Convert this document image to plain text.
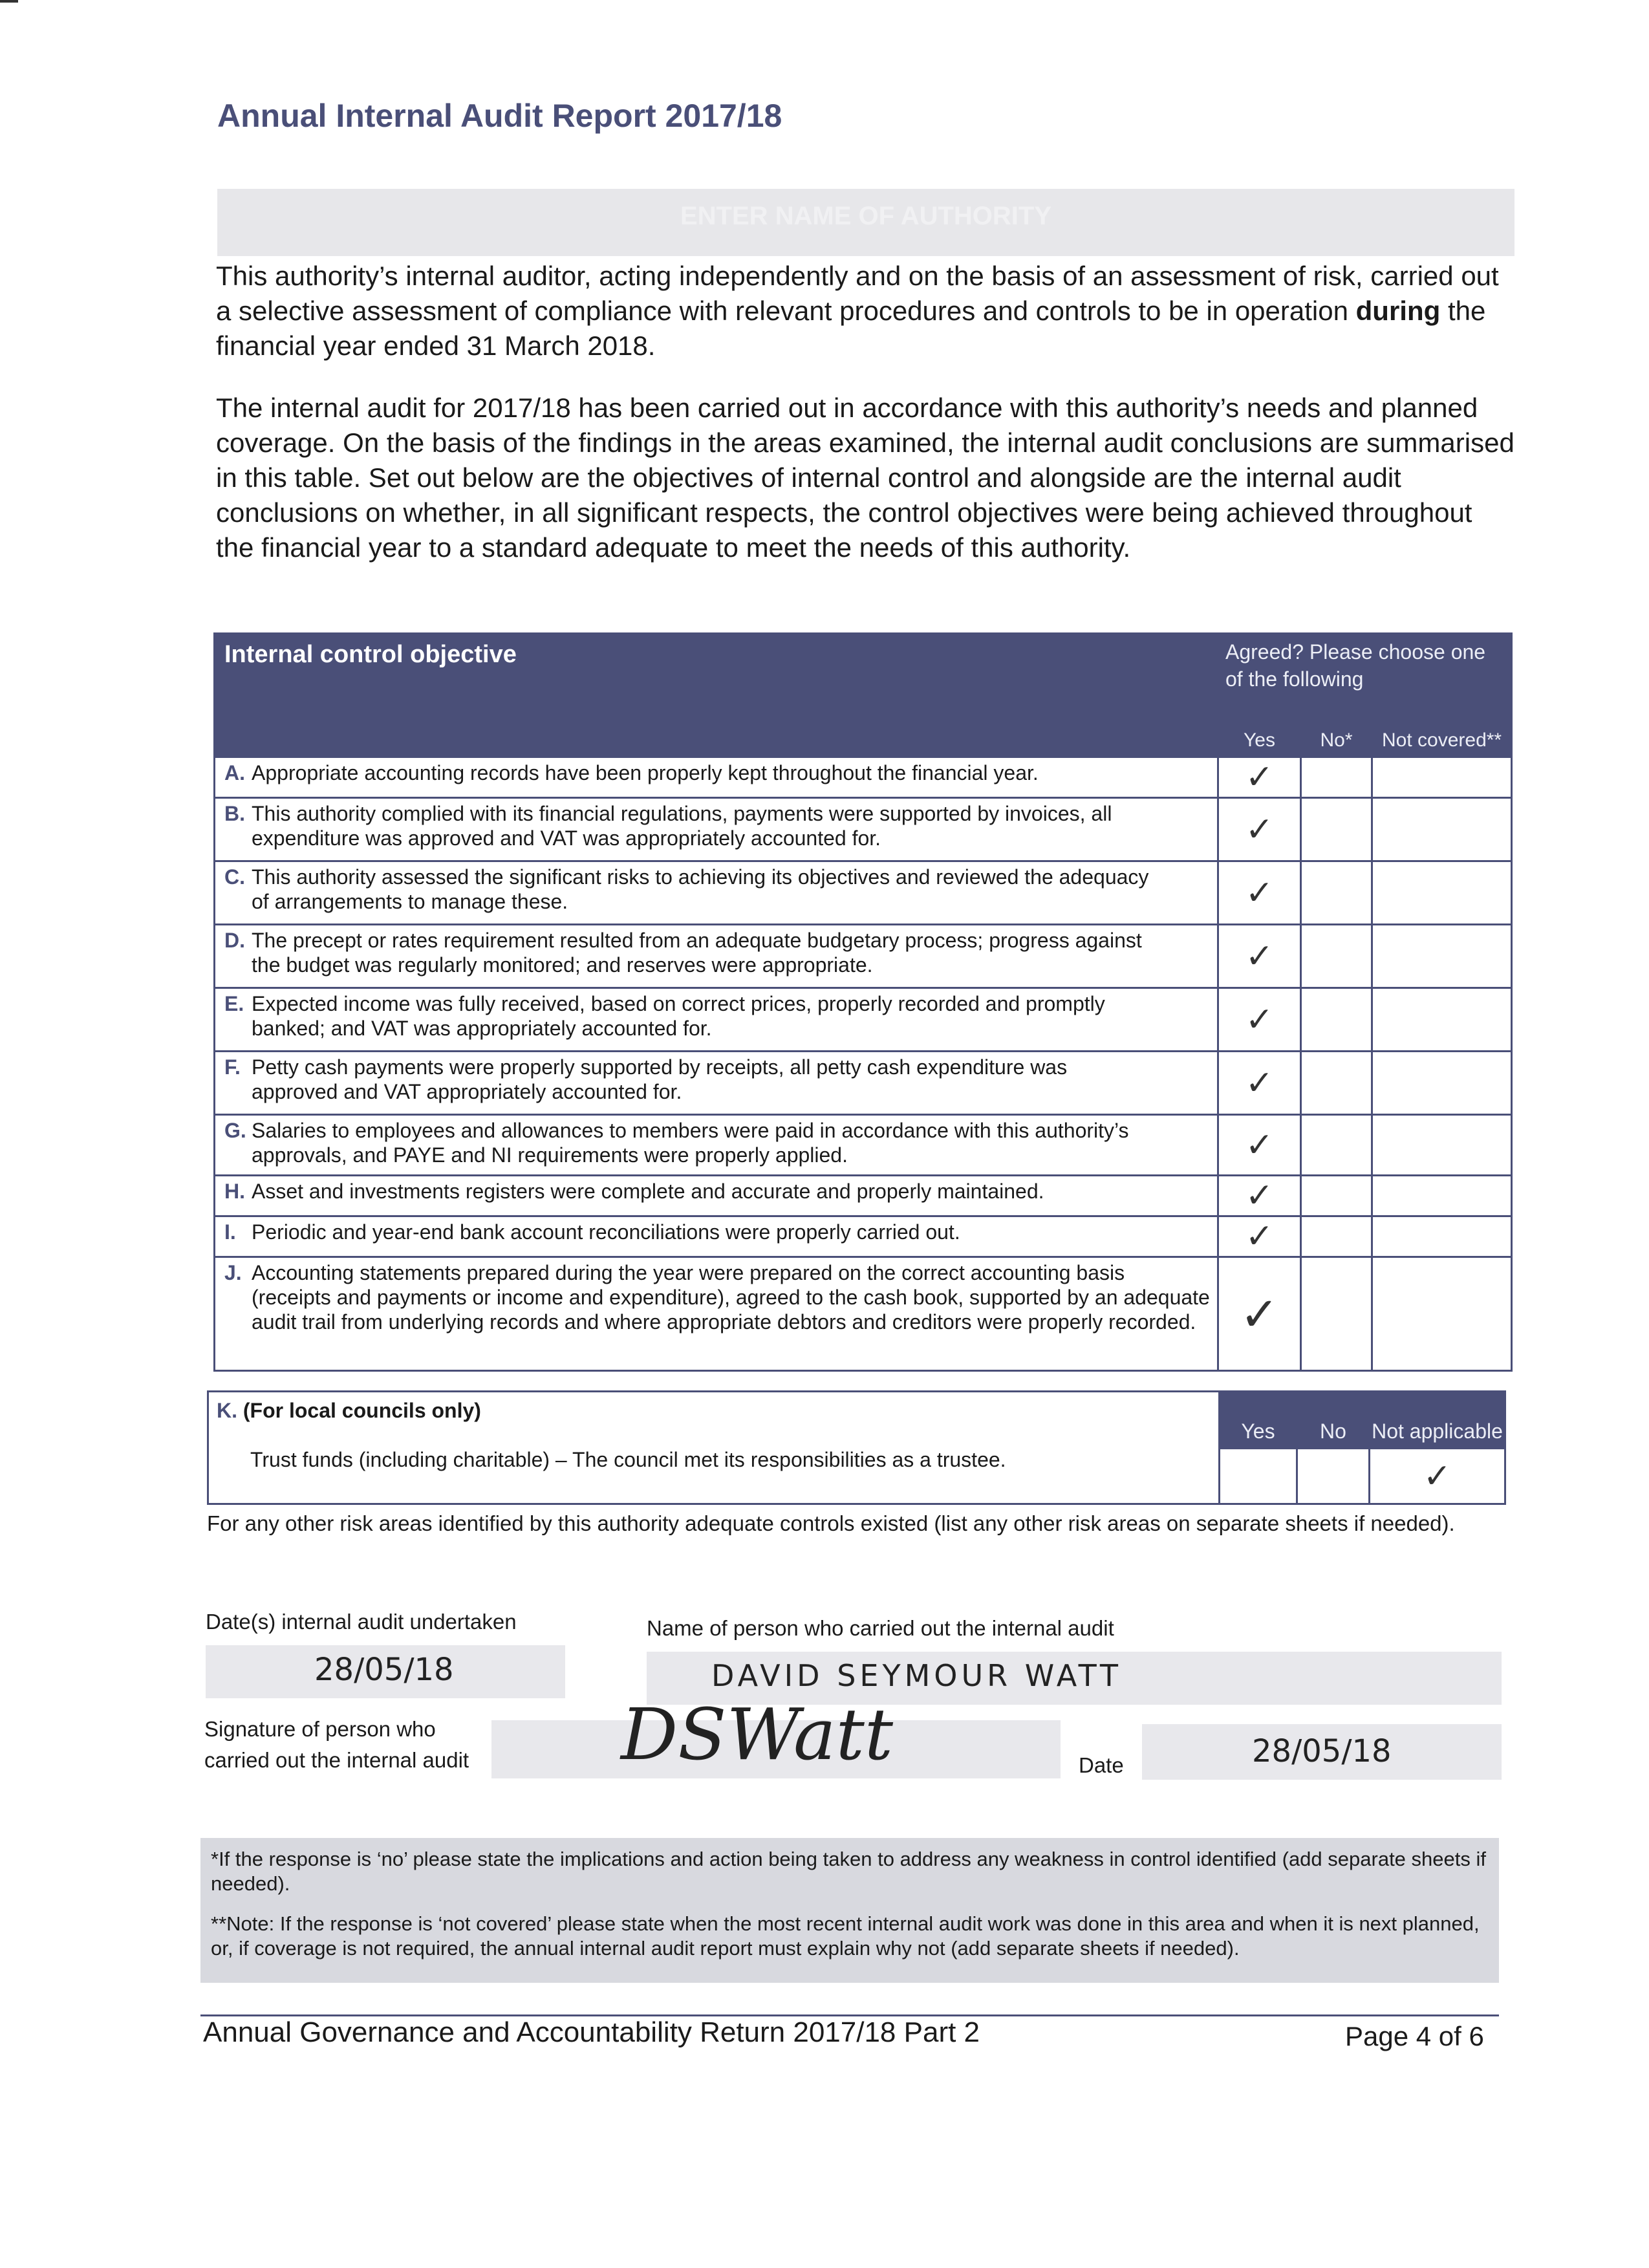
Annual Internal Audit Report 2017/18
ENTER NAME OF AUTHORITY
This authority’s internal auditor, acting independently and on the basis of an assessment of risk, carried out a selective assessment of compliance with relevant procedures and controls to be in operation during the financial year ended 31 March 2018.
The internal audit for 2017/18 has been carried out in accordance with this authority’s needs and planned coverage. On the basis of the findings in the areas examined, the internal audit conclusions are summarised in this table. Set out below are the objectives of internal control and alongside are the internal audit conclusions on whether, in all significant respects, the control objectives were being achieved throughout the financial year to a standard adequate to meet the needs of this authority.
Internal control objective	Agreed? Please choose one of the following		
	Yes	No*	Not covered**
A. Appropriate accounting records have been properly kept throughout the financial year.	✓		
B. This authority complied with its financial regulations, payments were supported by invoices, all
expenditure was approved and VAT was appropriately accounted for.	✓		
C. This authority assessed the significant risks to achieving its objectives and reviewed the adequacy
of arrangements to manage these.	✓		
D. The precept or rates requirement resulted from an adequate budgetary process; progress against
the budget was regularly monitored; and reserves were appropriate.	✓		
E. Expected income was fully received, based on correct prices, properly recorded and promptly
banked; and VAT was appropriately accounted for.	✓		
F. Petty cash payments were properly supported by receipts, all petty cash expenditure was
approved and VAT appropriately accounted for.	✓		
G. Salaries to employees and allowances to members were paid in accordance with this authority’s
approvals, and PAYE and NI requirements were properly applied.	✓		
H. Asset and investments registers were complete and accurate and properly maintained.	✓		
I. Periodic and year-end bank account reconciliations were properly carried out.	✓		
J. Accounting statements prepared during the year were prepared on the correct accounting basis
(receipts and payments or income and expenditure), agreed to the cash book, supported by an adequate audit trail from underlying records and where appropriate debtors and creditors were properly recorded.	✓		
K. (For local councils only)
Trust funds (including charitable) – The council met its responsibilities as a trustee.	Yes	No	Not applicable
			✓
For any other risk areas identified by this authority adequate controls existed (list any other risk areas on separate sheets if needed).
Date(s) internal audit undertaken
28/05/18
Name of person who carried out the internal audit
DAVID SEYMOUR WATT
Signature of person who
carried out the internal audit DSWatt	Date	28/05/18

*If the response is ‘no’ please state the implications and action being taken to address any weakness in control identified (add separate sheets if needed).

**Note: If the response is ‘not covered’ please state when the most recent internal audit work was done in this area and when it is next planned, or, if coverage is not required, the annual internal audit report must explain why not (add separate sheets if needed).

Annual Governance and Accountability Return 2017/18 Part 2	Page 4 of 6
